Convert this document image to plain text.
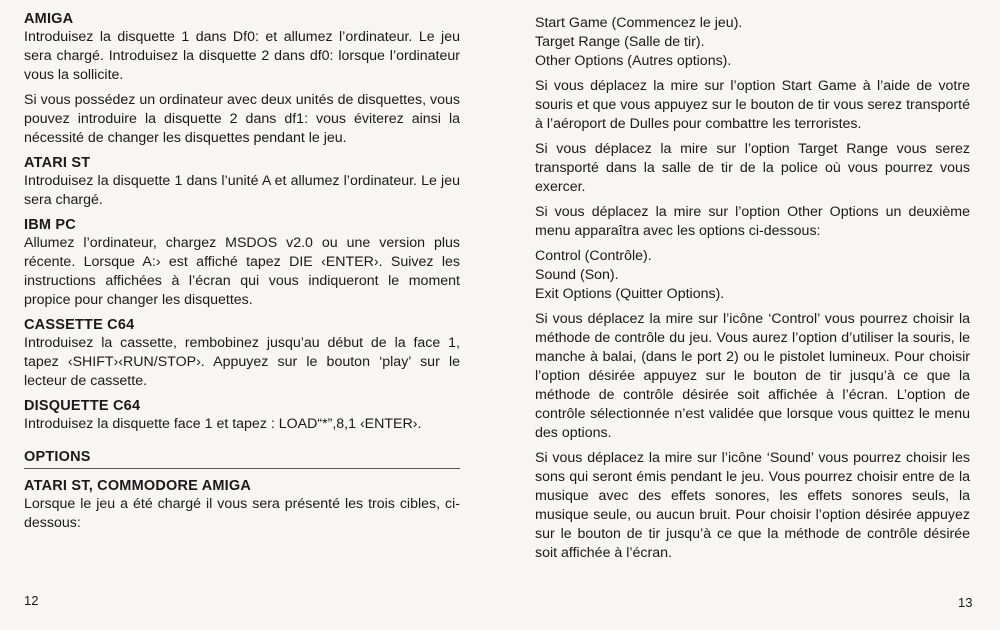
AMIGA

Introduisez la disquette 1 dans Df0: et allumez l’ordinateur. Le jeu sera chargé. Introduisez la disquette 2 dans df0: lorsque l’ordinateur vous la sollicite.

Si vous possédez un ordinateur avec deux unités de disquettes, vous pouvez introduire la disquette 2 dans df1: vous éviterez ainsi la nécessité de changer les disquettes pendant le jeu.

ATARI ST

Introduisez la disquette 1 dans l’unité A et allumez l’ordinateur. Le jeu sera chargé.

IBM PC

Allumez l’ordinateur, chargez MSDOS v2.0 ou une version plus récente. Lorsque A:› est affiché tapez DIE ‹ENTER›. Suivez les instructions affichées à l’écran qui vous indiqueront le moment propice pour changer les disquettes.

CASSETTE C64

Introduisez la cassette, rembobinez jusqu’au début de la face 1, tapez ‹SHIFT›‹RUN/STOP›. Appuyez sur le bouton ‘play’ sur le lecteur de cassette.

DISQUETTE C64

Introduisez la disquette face 1 et tapez : LOAD“*”,8,1 ‹ENTER›.

OPTIONS
ATARI ST, COMMODORE AMIGA

Lorsque le jeu a été chargé il vous sera présenté les trois cibles, ci-dessous:

Start Game (Commencez le jeu).
Target Range (Salle de tir).
Other Options (Autres options).

Si vous déplacez la mire sur l’option Start Game à l’aide de votre souris et que vous appuyez sur le bouton de tir vous serez transporté à l’aéroport de Dulles pour combattre les terroristes.

Si vous déplacez la mire sur l’option Target Range vous serez transporté dans la salle de tir de la police où vous pourrez vous exercer.

Si vous déplacez la mire sur l’option Other Options un deuxième menu apparaîtra avec les options ci-dessous:

Control (Contrôle).
Sound (Son).
Exit Options (Quitter Options).

Si vous déplacez la mire sur l’icône ‘Control’ vous pourrez choisir la méthode de contrôle du jeu. Vous aurez l’option d’utiliser la souris, le manche à balai, (dans le port 2) ou le pistolet lumineux. Pour choisir l’option désirée appuyez sur le bouton de tir jusqu’à ce que la méthode de contrôle désirée soit affichée à l’écran. L’option de contrôle sélectionnée n’est validée que lorsque vous quittez le menu des options.

Si vous déplacez la mire sur l’icône ‘Sound’ vous pourrez choisir les sons qui seront émis pendant le jeu. Vous pourrez choisir entre de la musique avec des effets sonores, les effets sonores seuls, la musique seule, ou aucun bruit. Pour choisir l’option désirée appuyez sur le bouton de tir jusqu’à ce que la méthode de contrôle désirée soit affichée à l’écran.

12	13
